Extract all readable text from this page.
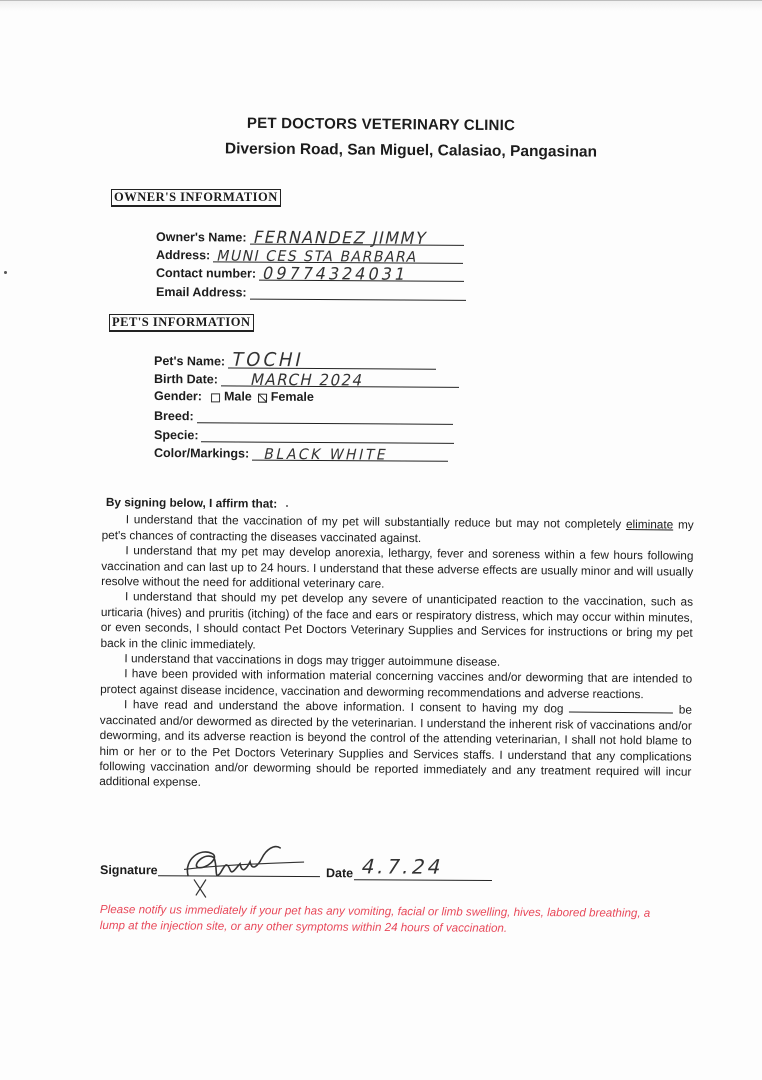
PET DOCTORS VETERINARY CLINIC
Diversion Road, San Miguel, Calasiao, Pangasinan
OWNER'S INFORMATION
Owner's Name: FERNANDEZ JIMMY
Address: MUNI CES STA BARBARA
Contact number: 09774324031
Email Address:
PET'S INFORMATION
Pet's Name: TOCHI
Birth Date: MARCH 2024
Gender: Male Female
Breed:
Specie:
Color/Markings: BLACK WHITE

By signing below, I affirm that:

I understand that the vaccination of my pet will substantially reduce but may not completely eliminate my pet's chances of contracting the diseases vaccinated against.

I understand that my pet may develop anorexia, lethargy, fever and soreness within a few hours following vaccination and can last up to 24 hours. I understand that these adverse effects are usually minor and will usually resolve without the need for additional veterinary care.

I understand that should my pet develop any severe of unanticipated reaction to the vaccination, such as urticaria (hives) and pruritis (itching) of the face and ears or respiratory distress, which may occur within minutes, or even seconds, I should contact Pet Doctors Veterinary Supplies and Services for instructions or bring my pet back in the clinic immediately.

I understand that vaccinations in dogs may trigger autoimmune disease.

I have been provided with information material concerning vaccines and/or deworming that are intended to protect against disease incidence, vaccination and deworming recommendations and adverse reactions.

I have read and understand the above information. I consent to having my dog	be vaccinated and/or dewormed as directed by the veterinarian. I understand the inherent risk of vaccinations and/or deworming, and its adverse reaction is beyond the control of the attending veterinarian, I shall not hold blame to him or her or to the Pet Doctors Veterinary Supplies and Services staffs. I understand that any complications following vaccination and/or deworming should be reported immediately and any treatment required will incur additional expense.

Signature	Date 4.7.24
Please notify us immediately if your pet has any vomiting, facial or limb swelling, hives, labored breathing, a lump at the injection site, or any other symptoms within 24 hours of vaccination.
